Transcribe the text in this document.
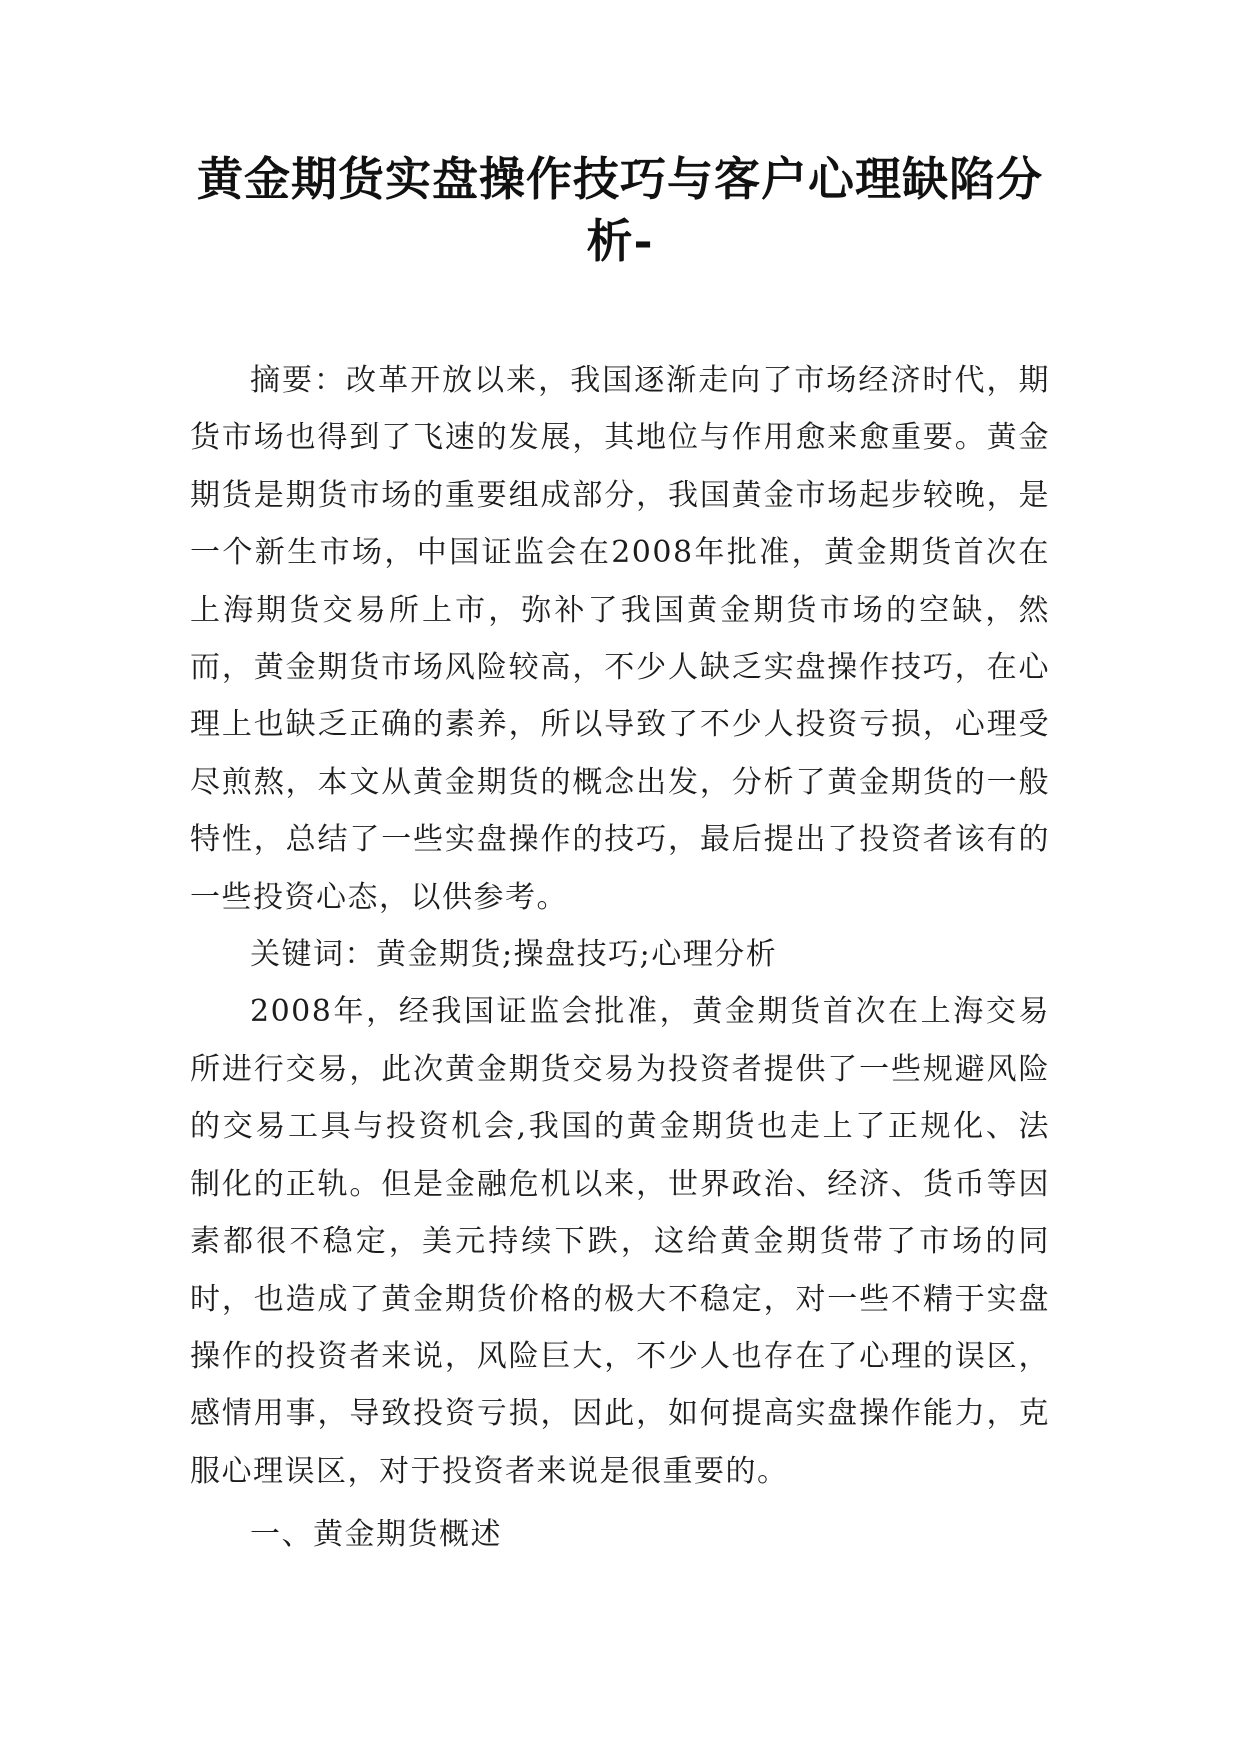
黄金期货实盘操作技巧与客户心理缺陷分析-

摘要：改革开放以来，我国逐渐走向了市场经济时代，期货市场也得到了飞速的发展，其地位与作用愈来愈重要。黄金期货是期货市场的重要组成部分，我国黄金市场起步较晚，是一个新生市场，中国证监会在2008年批准，黄金期货首次在上海期货交易所上市，弥补了我国黄金期货市场的空缺，然而，黄金期货市场风险较高，不少人缺乏实盘操作技巧，在心理上也缺乏正确的素养，所以导致了不少人投资亏损，心理受尽煎熬，本文从黄金期货的概念出发，分析了黄金期货的一般特性，总结了一些实盘操作的技巧，最后提出了投资者该有的一些投资心态，以供参考。

关键词：黄金期货;操盘技巧;心理分析

2008年，经我国证监会批准，黄金期货首次在上海交易所进行交易，此次黄金期货交易为投资者提供了一些规避风险的交易工具与投资机会,我国的黄金期货也走上了正规化、法制化的正轨。但是金融危机以来，世界政治、经济、货币等因素都很不稳定，美元持续下跌，这给黄金期货带了市场的同时，也造成了黄金期货价格的极大不稳定，对一些不精于实盘操作的投资者来说，风险巨大，不少人也存在了心理的误区，感情用事，导致投资亏损，因此，如何提高实盘操作能力，克服心理误区，对于投资者来说是很重要的。

一、黄金期货概述
